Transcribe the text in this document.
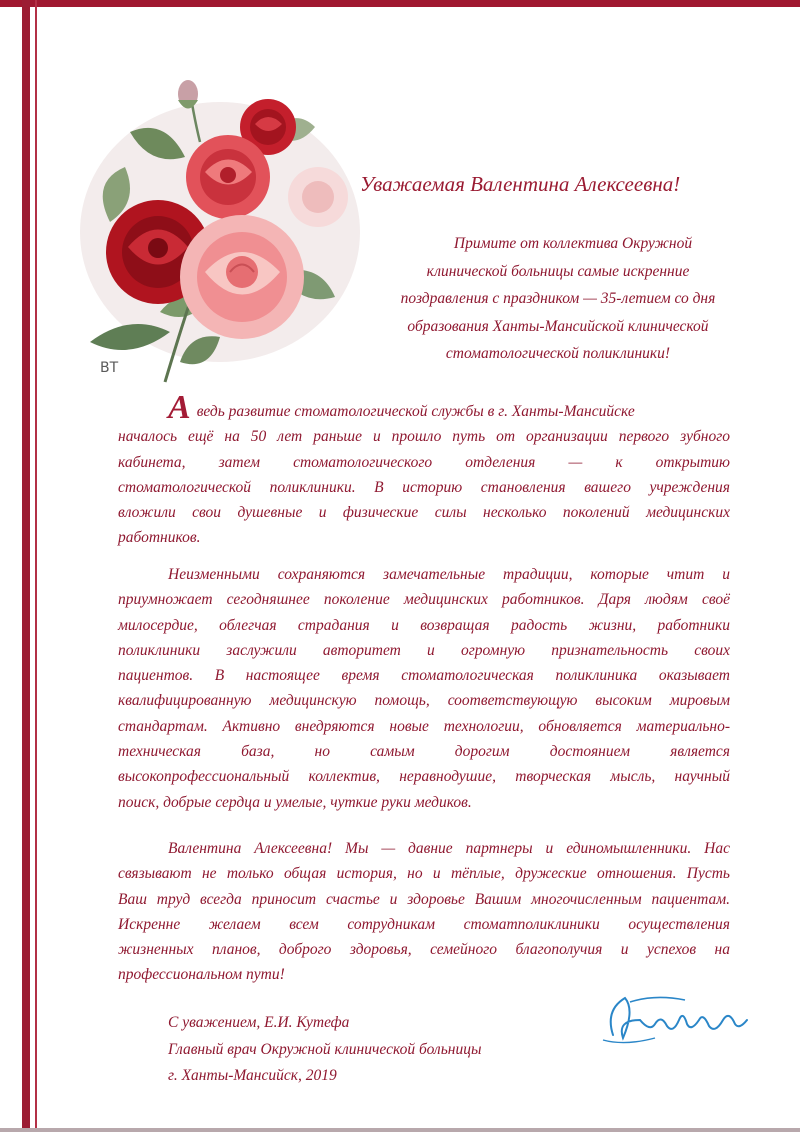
ВТ
Уважаемая Валентина Алексеевна!
Примите от коллектива Окружной
клинической больницы самые искренние
поздравления с праздником — 35-летием со дня
образования Ханты-Мансийской клинической
стоматологической поликлиники!
Аведь развитие стоматологической службы в г. Ханты-Мансийске
началось ещё на 50 лет раньше и прошло путь от организации первого зубного
кабинета, затем стоматологического отделения — к открытию
стоматологической поликлиники. В историю становления вашего учреждения
вложили свои душевные и физические силы несколько поколений медицинских
работников.
Неизменными сохраняются замечательные традиции, которые чтит и
приумножает сегодняшнее поколение медицинских работников. Даря людям своё
милосердие, облегчая страдания и возвращая радость жизни, работники
поликлиники заслужили авторитет и огромную признательность своих
пациентов. В настоящее время стоматологическая поликлиника оказывает
квалифицированную медицинскую помощь, соответствующую высоким мировым
стандартам. Активно внедряются новые технологии, обновляется материально-
техническая база, но самым дорогим достоянием является
высокопрофессиональный коллектив, неравнодушие, творческая мысль, научный
поиск, добрые сердца и умелые, чуткие руки медиков.
Валентина Алексеевна! Мы — давние партнеры и единомышленники. Нас
связывают не только общая история, но и тёплые, дружеские отношения. Пусть
Ваш труд всегда приносит счастье и здоровье Вашим многочисленным пациентам.
Искренне желаем всем сотрудникам стоматполиклиники осуществления
жизненных планов, доброго здоровья, семейного благополучия и успехов на
профессиональном пути!
С уважением, Е.И. Кутефа
Главный врач Окружной клинической больницы
г. Ханты-Мансийск, 2019
